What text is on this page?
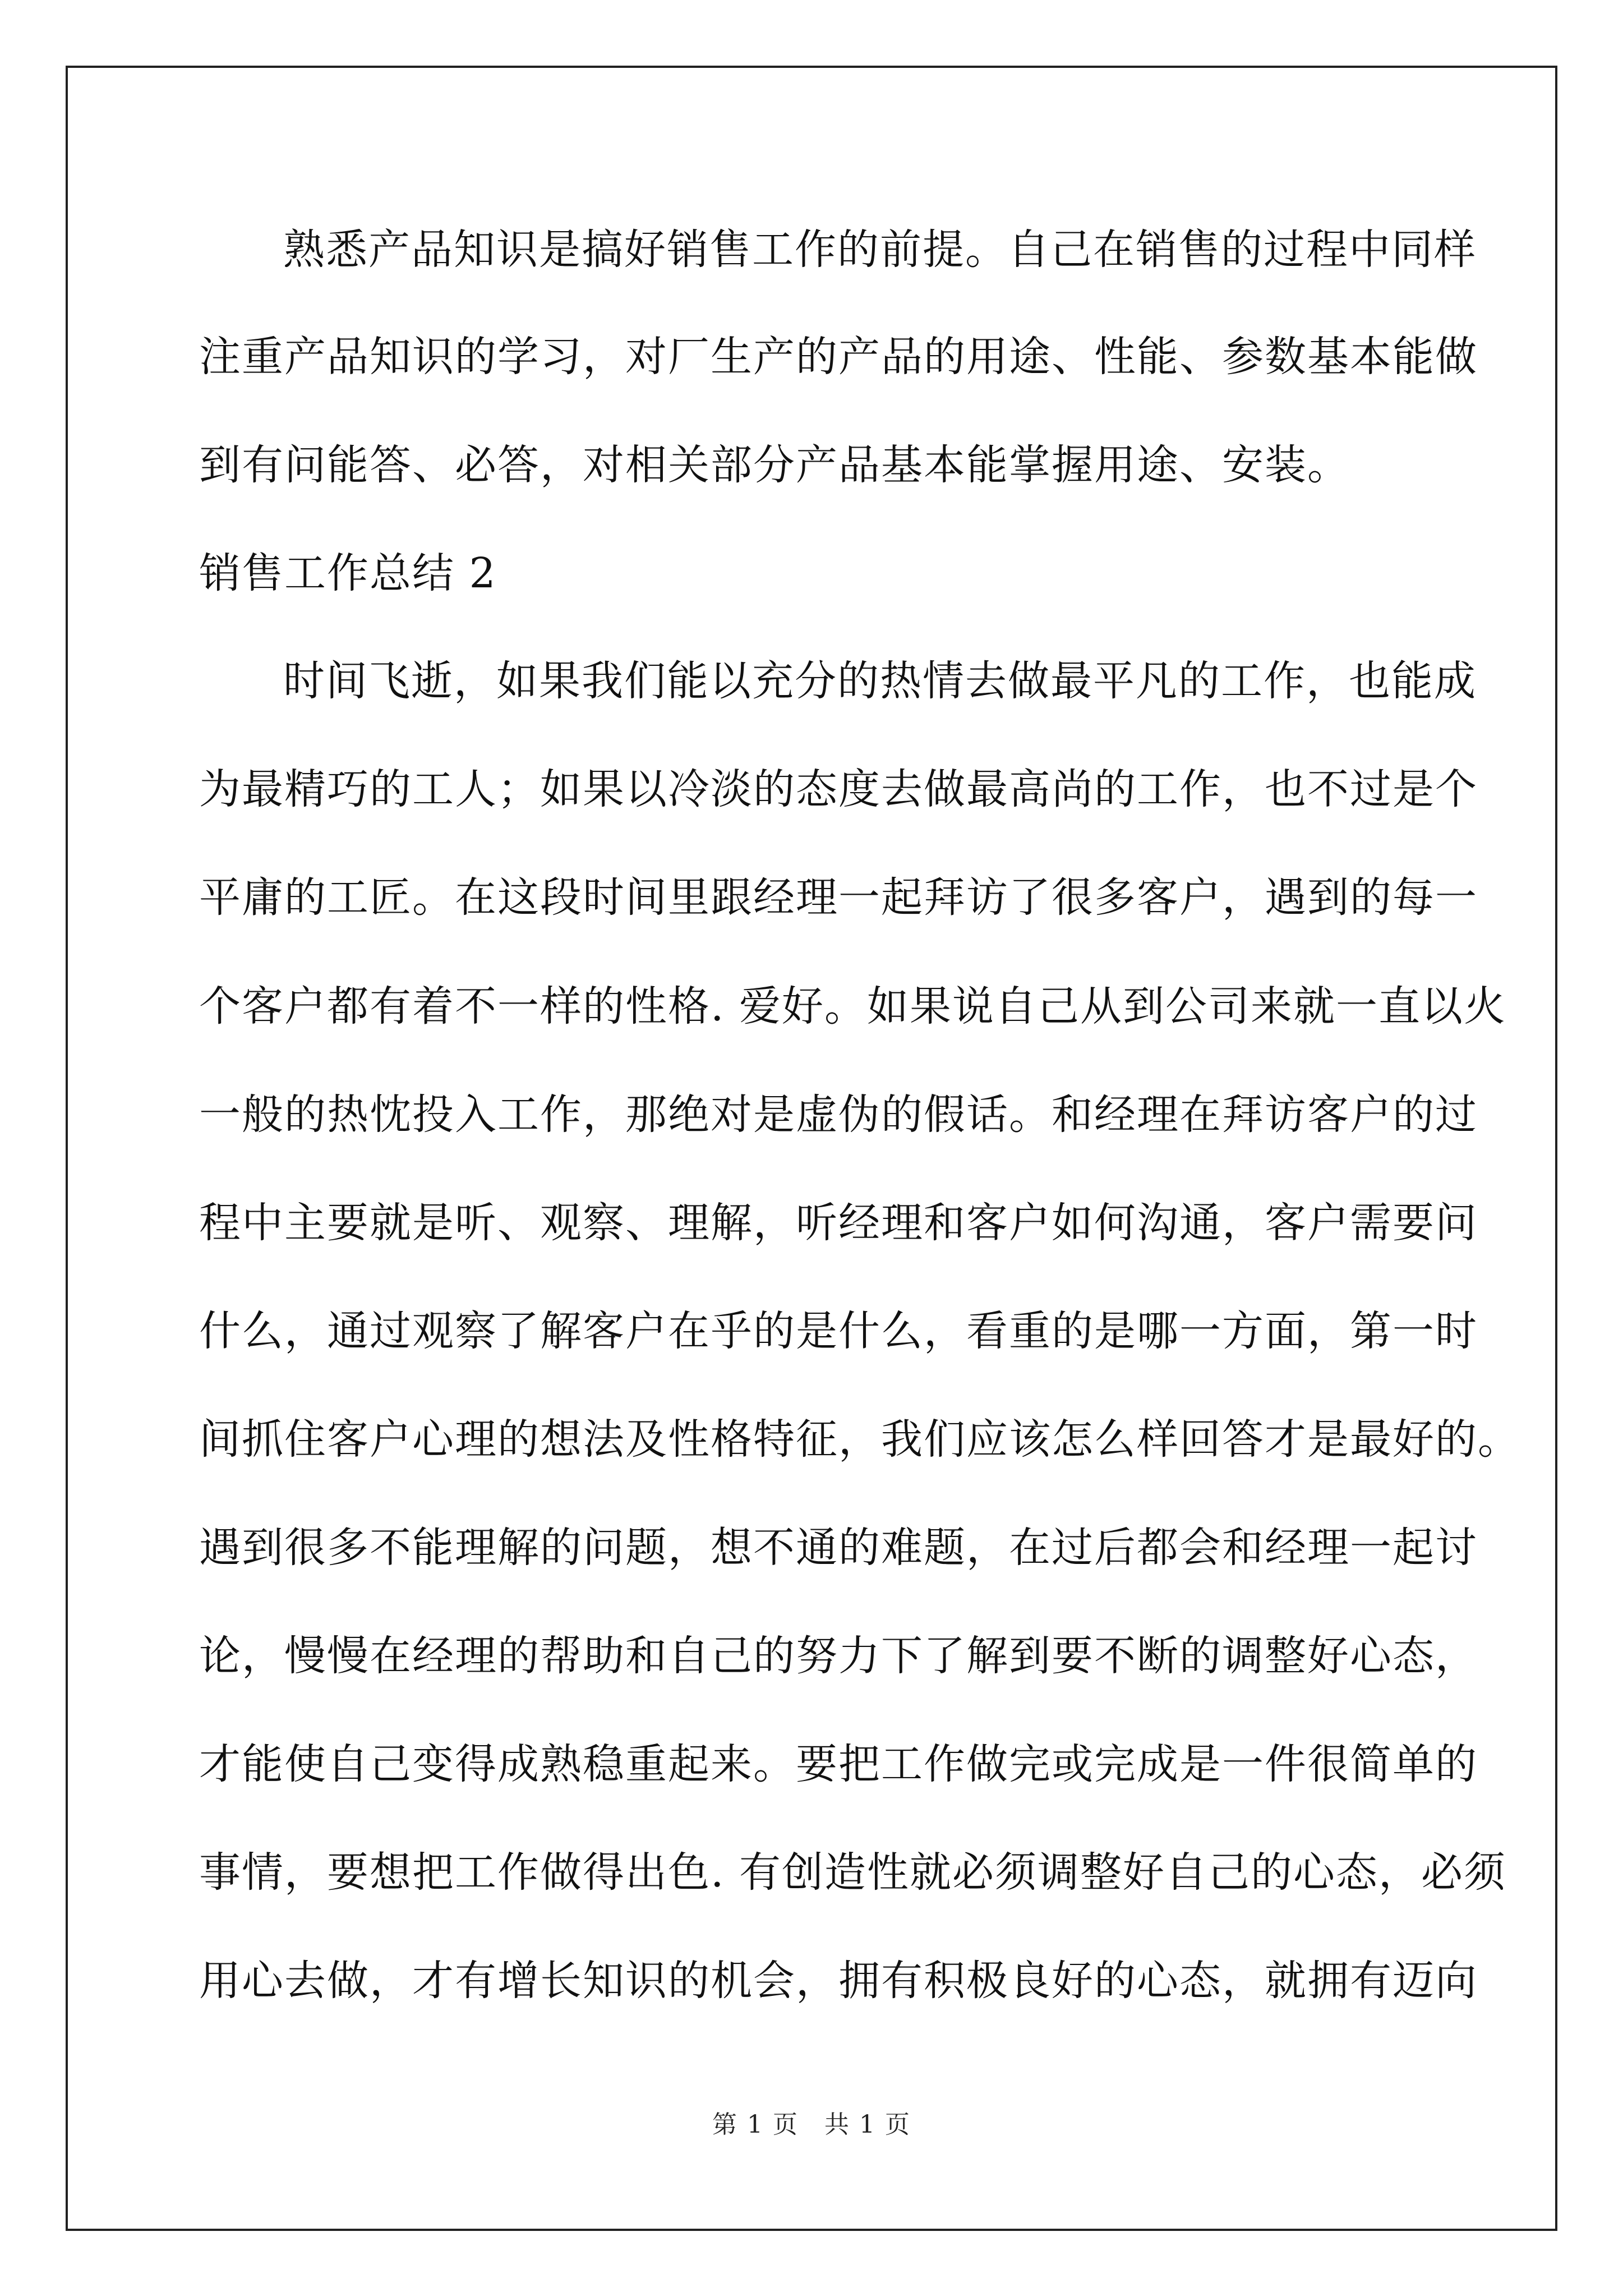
熟悉产品知识是搞好销售工作的前提。自己在销售的过程中同样

注重产品知识的学习，对厂生产的产品的用途、性能、参数基本能做

到有问能答、必答，对相关部分产品基本能掌握用途、安装。

销售工作总结 2

时间飞逝，如果我们能以充分的热情去做最平凡的工作，也能成

为最精巧的工人；如果以冷淡的态度去做最高尚的工作，也不过是个

平庸的工匠。在这段时间里跟经理一起拜访了很多客户，遇到的每一

个客户都有着不一样的性格. 爱好。如果说自己从到公司来就一直以火

一般的热忱投入工作，那绝对是虚伪的假话。和经理在拜访客户的过

程中主要就是听、观察、理解，听经理和客户如何沟通，客户需要问

什么，通过观察了解客户在乎的是什么，看重的是哪一方面，第一时

间抓住客户心理的想法及性格特征，我们应该怎么样回答才是最好的。

遇到很多不能理解的问题，想不通的难题，在过后都会和经理一起讨

论，慢慢在经理的帮助和自己的努力下了解到要不断的调整好心态，

才能使自己变得成熟稳重起来。要把工作做完或完成是一件很简单的

事情，要想把工作做得出色. 有创造性就必须调整好自己的心态，必须

用心去做，才有增长知识的机会，拥有积极良好的心态，就拥有迈向

第 1 页　共 1 页
